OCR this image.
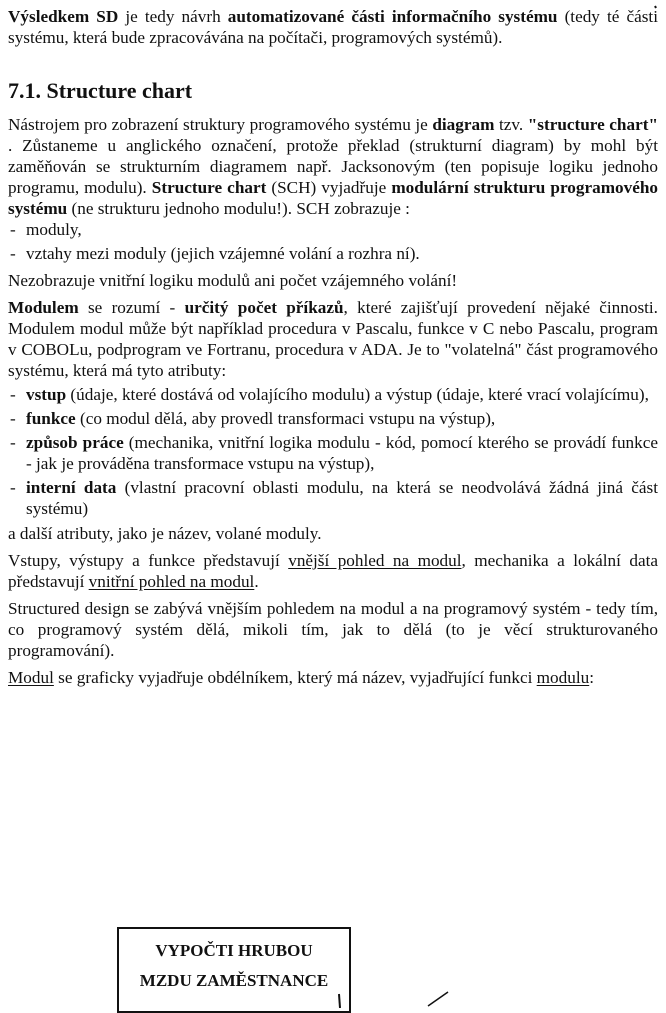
Výsledkem SD je tedy návrh automatizované části informačního systému (tedy té části systému, která bude zpracovávána na počítači, programových systémů).

7.1. Structure chart

Nástrojem pro zobrazení struktury programového systému je diagram tzv. "structure chart" . Zůstaneme u anglického označení, protože překlad (strukturní diagram) by mohl být zaměňován se strukturním diagramem např. Jacksonovým (ten popisuje logiku jednoho programu, modulu). Structure chart (SCH) vyjadřuje modulární strukturu programového systému (ne strukturu jednoho modulu!). SCH zobrazuje :

- moduly,
- vztahy mezi moduly (jejich vzájemné volání a rozhra ní).

Nezobrazuje vnitřní logiku modulů ani počet vzájemného volání!

Modulem se rozumí - určitý počet příkazů, které zajišťují provedení nějaké činnosti. Modulem modul může být například procedura v Pascalu, funkce v C nebo Pascalu, program v COBOLu, podprogram ve Fortranu, procedura v ADA. Je to "volatelná" část programového systému, která má tyto atributy:

- vstup (údaje, které dostává od volajícího modulu) a výstup (údaje, které vrací volajícímu),
- funkce (co modul dělá, aby provedl transformaci vstupu na výstup),
- způsob práce (mechanika, vnitřní logika modulu - kód, pomocí kterého se provádí funkce - jak je prováděna transformace vstupu na výstup),
- interní data (vlastní pracovní oblasti modulu, na která se neodvolává žádná jiná část systému)

a další atributy, jako je název, volané moduly.

Vstupy, výstupy a funkce představují vnější pohled na modul, mechanika a lokální data představují vnitřní pohled na modul.

Structured design se zabývá vnějším pohledem na modul a na programový systém - tedy tím, co programový systém dělá, mikoli tím, jak to dělá (to je věcí strukturovaného programování).

Modul se graficky vyjadřuje obdélníkem, který má název, vyjadřující funkci modulu:

VYPOČTI HRUBOU
MZDU ZAMĚSTNANCE
